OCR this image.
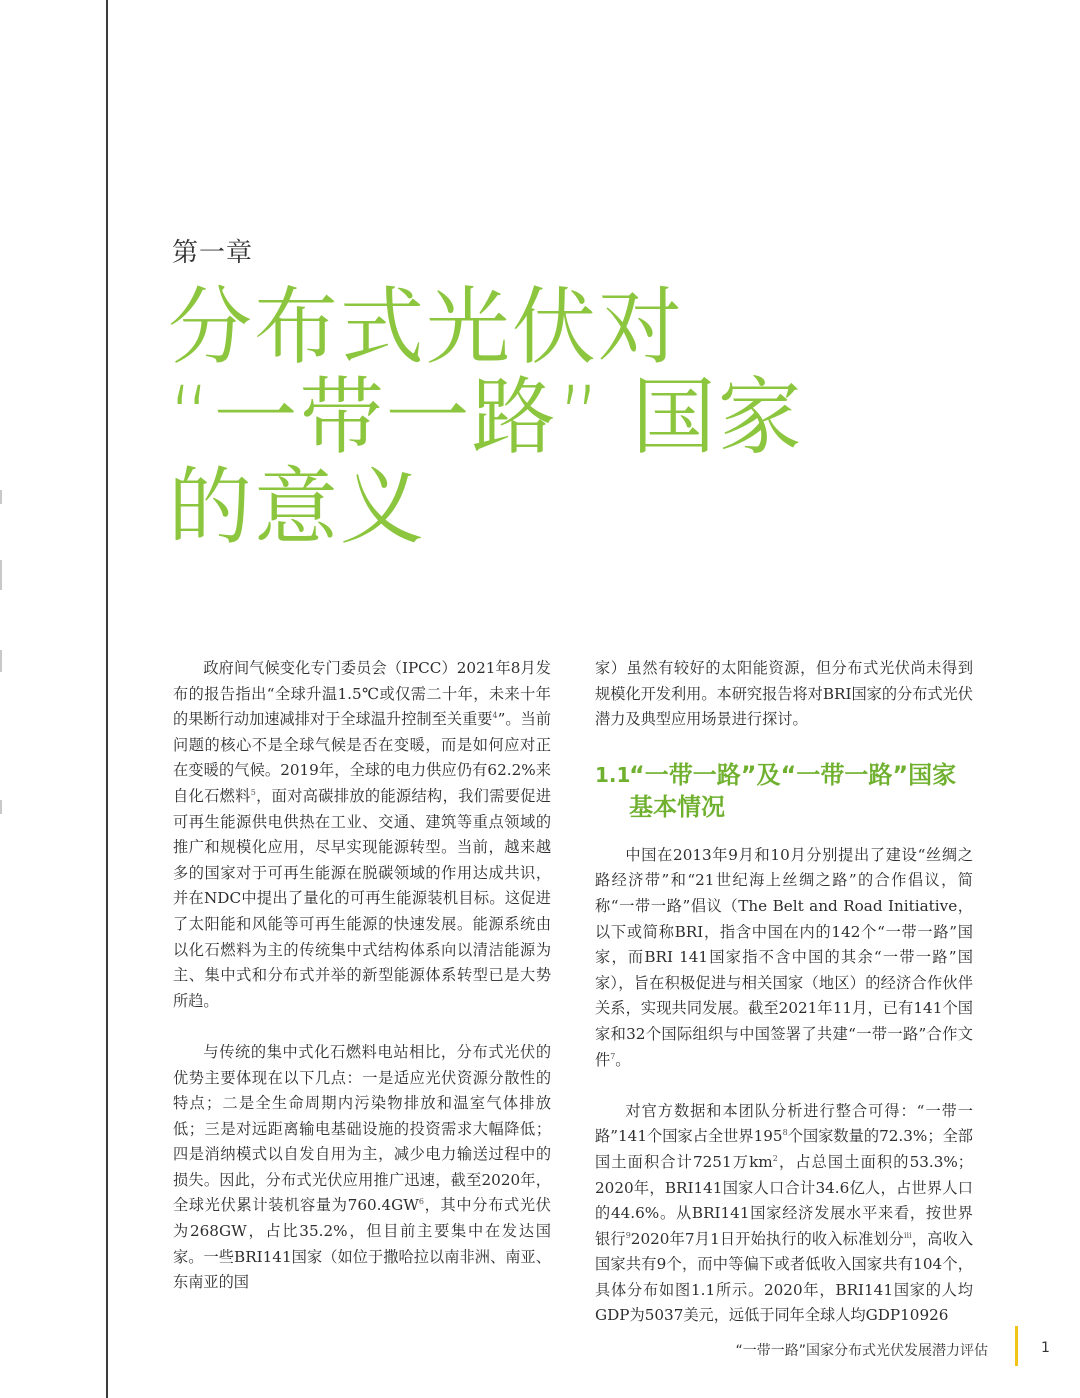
第一章
分布式光伏对
“一带一路” 国家
的意义

政府间气候变化专门委员会（IPCC）2021年8月发布的报告指出“全球升温1.5℃或仅需二十年，未来十年的果断行动加速减排对于全球温升控制至关重要$^4$”。当前问题的核心不是全球气候是否在变暖，而是如何应对正在变暖的气候。2019年，全球的电力供应仍有62.2%来自化石燃料$^5$，面对高碳排放的能源结构，我们需要促进可再生能源供电供热在工业、交通、建筑等重点领域的推广和规模化应用，尽早实现能源转型。当前，越来越多的国家对于可再生能源在脱碳领域的作用达成共识，并在NDC中提出了量化的可再生能源装机目标。这促进了太阳能和风能等可再生能源的快速发展。能源系统由以化石燃料为主的传统集中式结构体系向以清洁能源为主、集中式和分布式并举的新型能源体系转型已是大势所趋。

与传统的集中式化石燃料电站相比，分布式光伏的优势主要体现在以下几点：一是适应光伏资源分散性的特点；二是全生命周期内污染物排放和温室气体排放低；三是对远距离输电基础设施的投资需求大幅降低；四是消纳模式以自发自用为主，减少电力输送过程中的损失。因此，分布式光伏应用推广迅速，截至2020年，全球光伏累计装机容量为$760.4GW^6$，其中分布式光伏为268GW，占比35.2%，但目前主要集中在发达国家。一些BRI141国家（如位于撒哈拉以南非洲、南亚、东南亚的国

家）虽然有较好的太阳能资源，但分布式光伏尚未得到规模化开发利用。本研究报告将对BRI国家的分布式光伏潜力及典型应用场景进行探讨。

1.1
“一带一路”及“一带一路”国家基本情况

中国在2013年9月和10月分别提出了建设“丝绸之路经济带”和“21世纪海上丝绸之路”的合作倡议，简称“一带一路”倡议（The Belt and Road Initiative，以下或简称BRI，指含中国在内的142个“一带一路”国家，而BRI 141国家指不含中国的其余“一带一路”国家），旨在积极促进与相关国家（地区）的经济合作伙伴关系，实现共同发展。截至2021年11月，已有141个国家和32个国际组织与中国签署了共建“一带一路”合作文件$^7$。

对官方数据和本团队分析进行整合可得：“一带一路”141个国家占全世界$195^8$个国家数量的72.3%；全部国土面积合计7251万$km^2$，占总国土面积的53.3%；2020年，BRI141国家人口合计34.6亿人，占世界人口的44.6%。从BRI141国家经济发展水平来看，按世界银行$^9$2020年7月1日开始执行的收入标准划分$^{iii}$，高收入国家共有9个，而中等偏下或者低收入国家共有104个，具体分布如图1.1所示。2020年，BRI141国家的人均GDP为5037美元，远低于同年全球人均GDP10926

“一带一路”国家分布式光伏发展潜力评估	1
